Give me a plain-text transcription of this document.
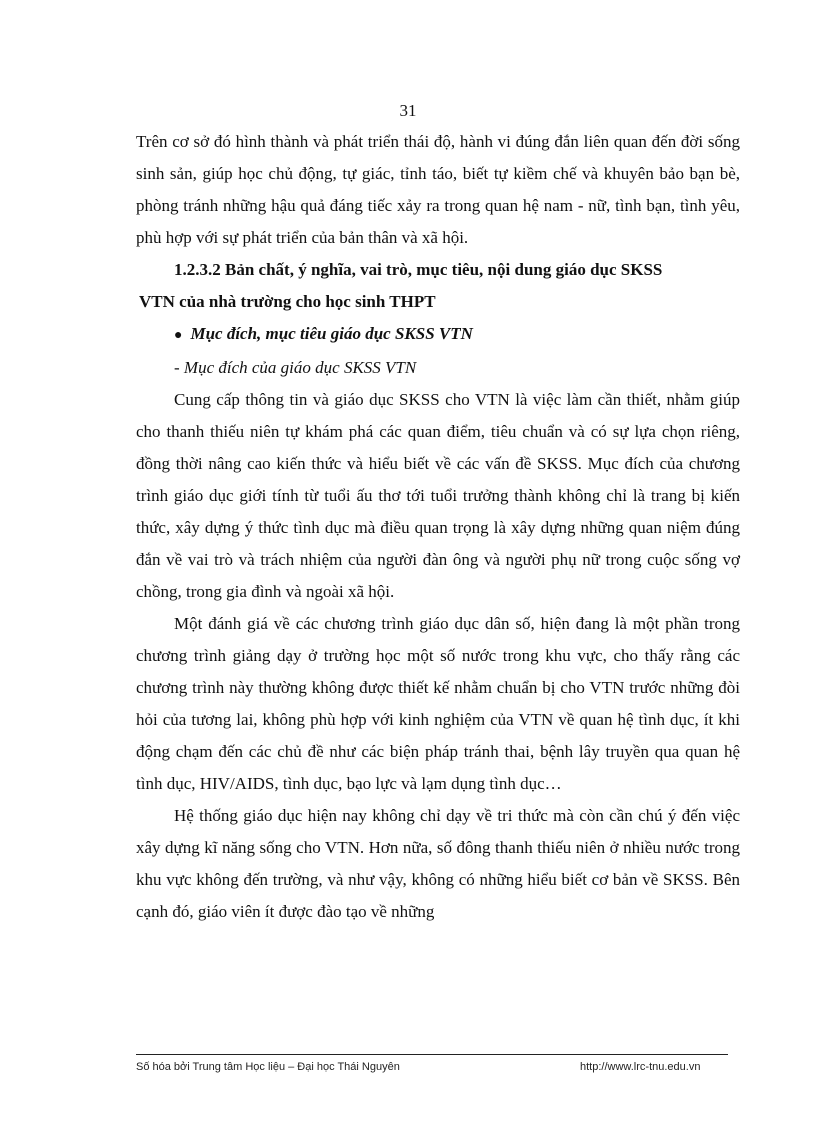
31

Trên cơ sở đó hình thành và phát triển thái độ, hành vi đúng đắn liên quan đến đời sống sinh sản, giúp học chủ động, tự giác, tỉnh táo, biết tự kiềm chế và khuyên bảo bạn bè, phòng tránh những hậu quả đáng tiếc xảy ra trong quan hệ nam - nữ, tình bạn, tình yêu, phù hợp với sự phát triển của bản thân và xã hội.

1.2.3.2 Bản chất, ý nghĩa, vai trò, mục tiêu, nội dung giáo dục SKSS

VTN của nhà trường cho học sinh THPT

● Mục đích, mục tiêu giáo dục SKSS VTN

- Mục đích của giáo dục SKSS VTN

Cung cấp thông tin và giáo dục SKSS cho VTN là việc làm cần thiết, nhằm giúp cho thanh thiếu niên tự khám phá các quan điểm, tiêu chuẩn và có sự lựa chọn riêng, đồng thời nâng cao kiến thức và hiểu biết về các vấn đề SKSS. Mục đích của chương trình giáo dục giới tính từ tuổi ấu thơ tới tuổi trưởng thành không chỉ là trang bị kiến thức, xây dựng ý thức tình dục mà điều quan trọng là xây dựng những quan niệm đúng đắn về vai trò và trách nhiệm của người đàn ông và người phụ nữ trong cuộc sống vợ chồng, trong gia đình và ngoài xã hội.

Một đánh giá về các chương trình giáo dục dân số, hiện đang là một phần trong chương trình giảng dạy ở trường học một số nước trong khu vực, cho thấy rằng các chương trình này thường không được thiết kế nhằm chuẩn bị cho VTN trước những đòi hỏi của tương lai, không phù hợp với kinh nghiệm của VTN về quan hệ tình dục, ít khi động chạm đến các chủ đề như các biện pháp tránh thai, bệnh lây truyền qua quan hệ tình dục, HIV/AIDS, tình dục, bạo lực và lạm dụng tình dục…

Hệ thống giáo dục hiện nay không chỉ dạy về tri thức mà còn cần chú ý đến việc xây dựng kĩ năng sống cho VTN. Hơn nữa, số đông thanh thiếu niên ở nhiều nước trong khu vực không đến trường, và như vậy, không có những hiểu biết cơ bản về SKSS. Bên cạnh đó, giáo viên ít được đào tạo về những

Số hóa bởi Trung tâm Học liệu – Đại học Thái Nguyên	http://www.lrc-tnu.edu.vn
